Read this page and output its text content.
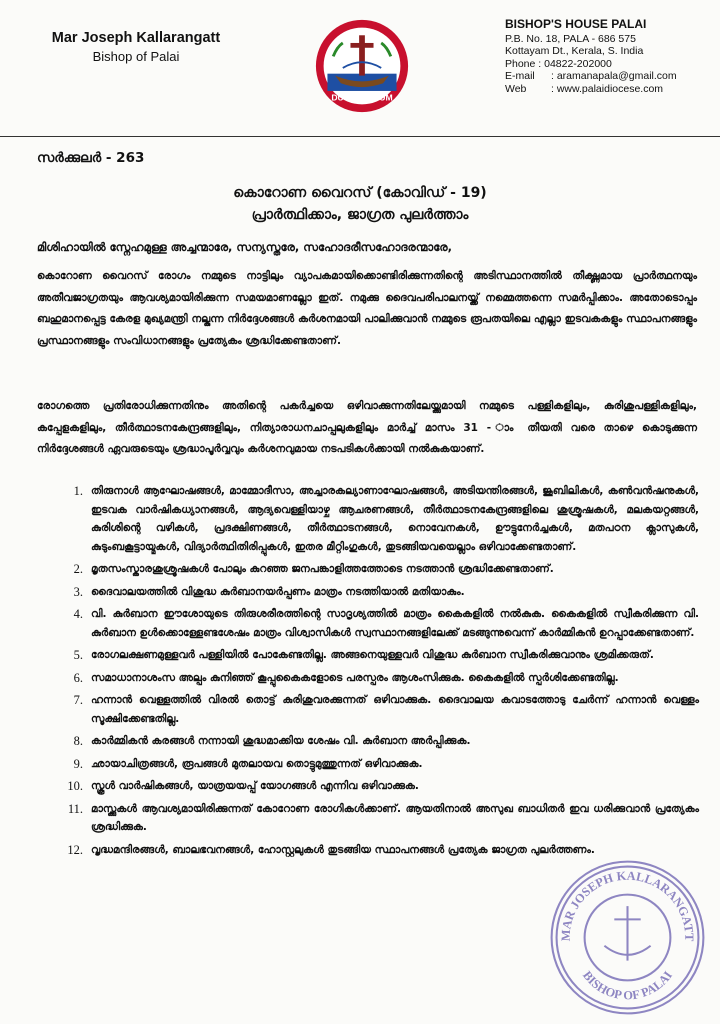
Mar Joseph Kallarangatt
Bishop of Palai
DUC IN ALTUM
BISHOP'S HOUSE PALAI
P.B. No. 18, PALA - 686 575
Kottayam Dt., Kerala, S. India
Phone : 04822-202000
E-mail	: aramanapala@gmail.com
Web	: www.palaidiocese.com
സർക്കുലർ - 263
കൊറോണ വൈറസ് (കോവിഡ് - 19)
പ്രാർത്ഥിക്കാം, ജാഗ്രത പുലർത്താം
മിശിഹായിൽ സ്നേഹമുള്ള അച്ചന്മാരേ, സന്യസ്തരേ, സഹോദരീസഹോദരന്മാരേ,
കൊറോണ വൈറസ് രോഗം നമ്മുടെ നാട്ടിലും വ്യാപകമായിക്കൊണ്ടിരിക്കുന്നതിന്റെ അടിസ്ഥാനത്തിൽ തീക്ഷ്ണമായ പ്രാർത്ഥനയും അതീവജാഗ്രതയും ആവശ്യമായിരിക്കുന്ന സമയമാണല്ലോ ഇത്. നമുക്കു ദൈവപരിപാലനയ്ക്ക് നമ്മെത്തന്നെ സമർപ്പിക്കാം. അതോടൊപ്പം ബഹുമാനപ്പെട്ട കേരള മുഖ്യമന്ത്രി നല്കുന്ന നിർദ്ദേശങ്ങൾ കർശനമായി പാലിക്കുവാൻ നമ്മുടെ രൂപതയിലെ എല്ലാ ഇടവകകളും സ്ഥാപനങ്ങളും പ്രസ്ഥാനങ്ങളും സംവിധാനങ്ങളും പ്രത്യേകം ശ്രദ്ധിക്കേണ്ടതാണ്.
രോഗത്തെ പ്രതിരോധിക്കുന്നതിനും അതിന്റെ പകർച്ചയെ ഒഴിവാക്കുന്നതിലേയ്ക്കുമായി നമ്മുടെ പള്ളികളിലും, കുരിശുപള്ളികളിലും, കപ്പേളകളിലും, തീർത്ഥാടനകേന്ദ്രങ്ങളിലും, നിത്യാരാധനചാപ്പലുകളിലും മാർച്ച് മാസം 31 - ാം തീയതി വരെ താഴെ കൊടുക്കുന്ന നിർദ്ദേശങ്ങൾ ഏവരുടെയും ശ്രദ്ധാപൂർവ്വവും കർശനവുമായ നടപടികൾക്കായി നൽകുകയാണ്.
1. തിരുനാൾ ആഘോഷങ്ങൾ, മാമ്മോദീസാ, അച്ചാരകല്യാണാഘോഷങ്ങൾ, അടിയന്തിരങ്ങൾ, ജൂബിലികൾ, കൺവൻഷനുകൾ, ഇടവക വാർഷികധ്യാനങ്ങൾ, ആദ്യവെള്ളിയാഴ്ച ആചരണങ്ങൾ, തീർത്ഥാടനകേന്ദ്രങ്ങളിലെ ശുശ്രൂഷകൾ, മലകയറ്റങ്ങൾ, കുരിശിന്റെ വഴികൾ, പ്രദക്ഷിണങ്ങൾ, തീർത്ഥാടനങ്ങൾ, നൊവേനകൾ, ഊട്ടുനേർച്ചകൾ, മതപഠന ക്ലാസുകൾ, കുടുംബകൂട്ടായ്മകൾ, വിദ്യാർത്ഥിതിരിപ്പുകൾ, ഇതര മീറ്റിംഗുകൾ, തുടങ്ങിയവയെല്ലാം ഒഴിവാക്കേണ്ടതാണ്.
2. മൃതസംസ്കാരശുശ്രൂഷകൾ പോലും കുറഞ്ഞ ജനപങ്കാളിത്തത്തോടെ നടത്താൻ ശ്രദ്ധിക്കേണ്ടതാണ്.
3. ദൈവാലയത്തിൽ വിശുദ്ധ കുർബാനയർപ്പണം മാത്രം നടത്തിയാൽ മതിയാകും.
4. വി. കുർബാന ഈശോയുടെ തിരുശരീരത്തിന്റെ സാദൃശ്യത്തിൽ മാത്രം കൈകളിൽ നൽകുക. കൈകളിൽ സ്വീകരിക്കുന്ന വി. കുർബാന ഉൾക്കൊള്ളേണ്ടശേഷം മാത്രം വിശ്വാസികൾ സ്വസ്ഥാനങ്ങളിലേക്ക് മടങ്ങുന്നുവെന്ന് കാർമ്മികൻ ഉറപ്പാക്കേണ്ടതാണ്.
5. രോഗലക്ഷണമുള്ളവർ പള്ളിയിൽ പോകേണ്ടതില്ല. അങ്ങനെയുള്ളവർ വിശുദ്ധ കുർബാന സ്വീകരിക്കുവാനും ശ്രമിക്കരുത്.
6. സമാധാനാശംസ അല്പം കുനിഞ്ഞ് കൂപ്പുകൈകളോടെ പരസ്പരം ആശംസിക്കുക. കൈകളിൽ സ്പർശിക്കേണ്ടതില്ല.
7. ഹന്നാൻ വെള്ളത്തിൽ വിരൽ തൊട്ട് കുരിശുവരക്കുന്നത് ഒഴിവാക്കുക. ദൈവാലയ കവാടത്തോടു ചേർന്ന് ഹന്നാൻ വെള്ളം സൂക്ഷിക്കേണ്ടതില്ല.
8. കാർമ്മികൻ കരങ്ങൾ നന്നായി ശുദ്ധമാക്കിയ ശേഷം വി. കുർബാന അർപ്പിക്കുക.
9. ഛായാചിത്രങ്ങൾ, രൂപങ്ങൾ മുതലായവ തൊട്ടുമുത്തുന്നത് ഒഴിവാക്കുക.
10. സ്കൂൾ വാർഷികങ്ങൾ, യാത്രയയപ്പ് യോഗങ്ങൾ എന്നിവ ഒഴിവാക്കുക.
11. മാസ്ക്കുകൾ ആവശ്യമായിരിക്കുന്നത് കോറോണ രോഗികൾക്കാണ്. ആയതിനാൽ അസുഖ ബാധിതർ ഇവ ധരിക്കുവാൻ പ്രത്യേകം ശ്രദ്ധിക്കുക.
12. വൃദ്ധമന്ദിരങ്ങൾ, ബാലഭവനങ്ങൾ, ഹോസ്റ്റലുകൾ തുടങ്ങിയ സ്ഥാപനങ്ങൾ പ്രത്യേക ജാഗ്രത പുലർത്തണം.
MAR JOSEPH KALLARANGATT
BISHOP OF PALAI
